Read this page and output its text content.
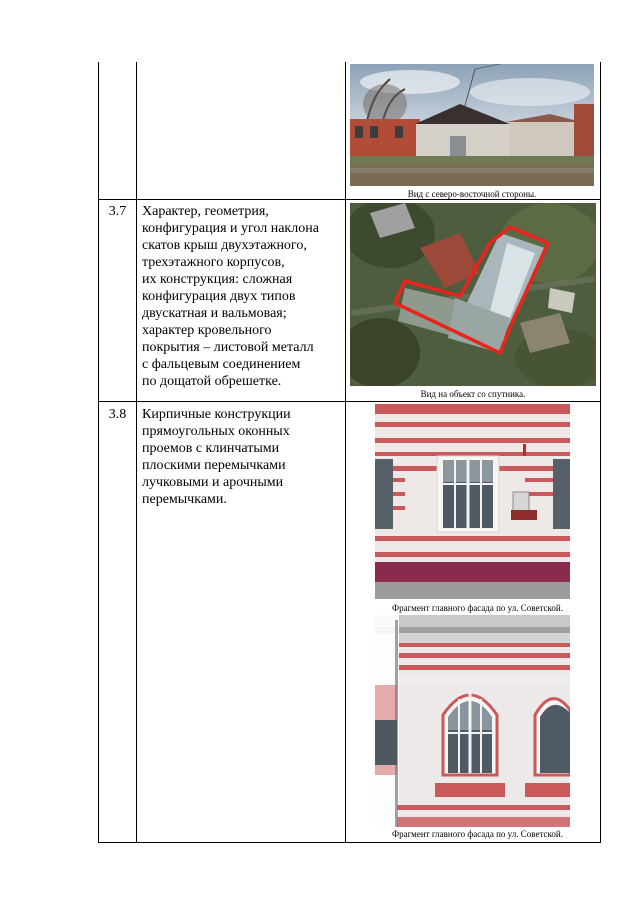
Вид с северо-восточной стороны.
3.7	Характер, геометрия,
конфигурация и угол наклона
скатов крыш двухэтажного,
трехэтажного корпусов,
их конструкция: сложная
конфигурация двух типов
двускатная и вальмовая;
характер кровельного
покрытия – листовой металл
с фальцевым соединением
по дощатой обрешетке.
Вид на объект со спутника.
3.8	Кирпичные конструкции
прямоугольных оконных
проемов с клинчатыми
плоскими перемычками
лучковыми и арочными
перемычками.
Фрагмент главного фасада по ул. Советской.
Фрагмент главного фасада по ул. Советской.
